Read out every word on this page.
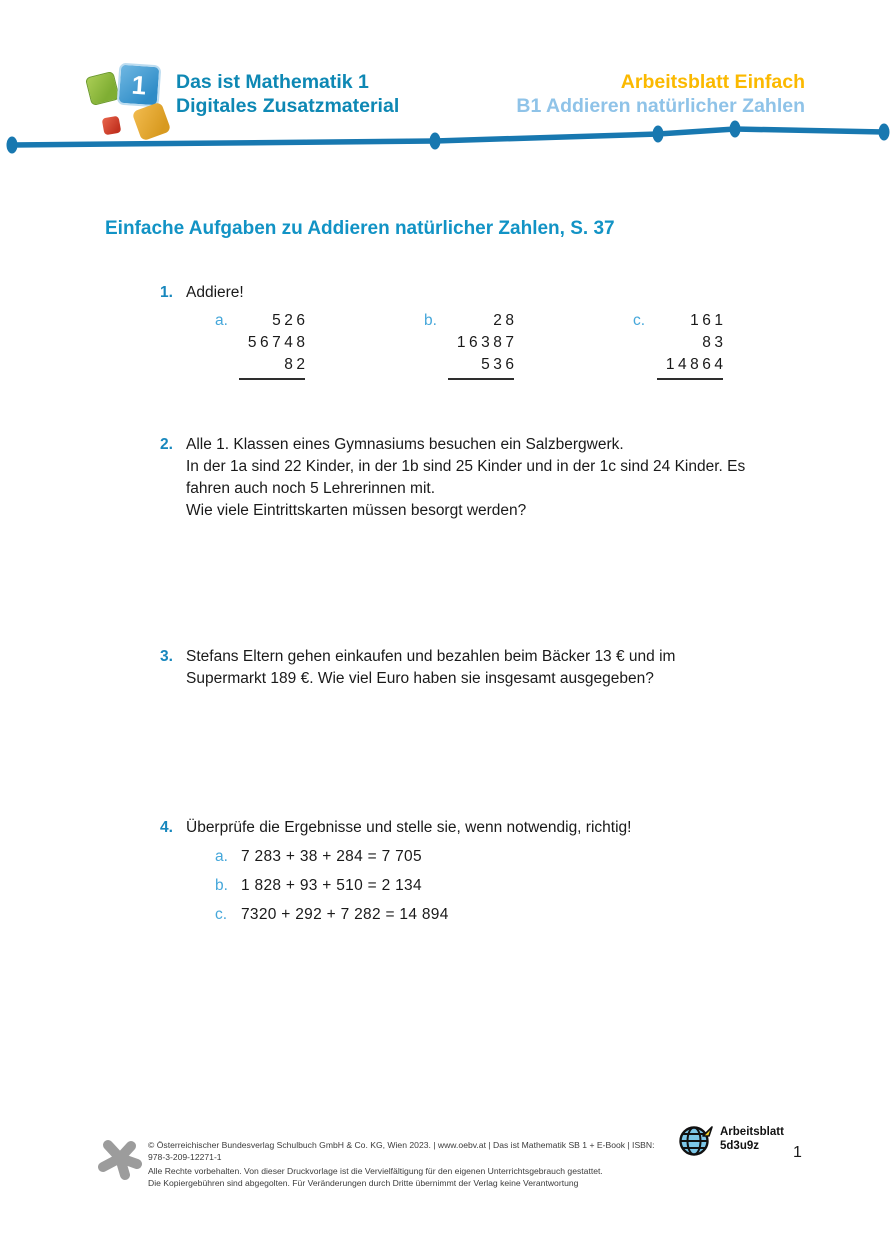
1 Das ist Mathematik 1
Digitales Zusatzmaterial
Arbeitsblatt Einfach
B1 Addieren natürlicher Zahlen
Einfache Aufgaben zu Addieren natürlicher Zahlen, S. 37
1. Addiere!
a.	526
56748
82
b.	28
16387
536
c.	161
83
14864
2. Alle 1. Klassen eines Gymnasiums besuchen ein Salzbergwerk.
In der 1a sind 22 Kinder, in der 1b sind 25 Kinder und in der 1c sind 24 Kinder. Es
fahren auch noch 5 Lehrerinnen mit.
Wie viele Eintrittskarten müssen besorgt werden?
3. Stefans Eltern gehen einkaufen und bezahlen beim Bäcker 13 € und im
Supermarkt 189 €. Wie viel Euro haben sie insgesamt ausgegeben?
4. Überprüfe die Ergebnisse und stelle sie, wenn notwendig, richtig!
a. 7 283 + 38 + 284 = 7 705
b. 1 828 + 93 + 510 = 2 134
c. 7320 + 292 + 7 282 = 14 894
© Österreichischer Bundesverlag Schulbuch GmbH & Co. KG, Wien 2023. | www.oebv.at | Das ist Mathematik SB 1 + E-Book | ISBN: 978-3-209-12271-1
Alle Rechte vorbehalten. Von dieser Druckvorlage ist die Vervielfältigung für den eigenen Unterrichtsgebrauch gestattet.
Die Kopiergebühren sind abgegolten. Für Veränderungen durch Dritte übernimmt der Verlag keine Verantwortung
Arbeitsblatt
5d3u9z	1
